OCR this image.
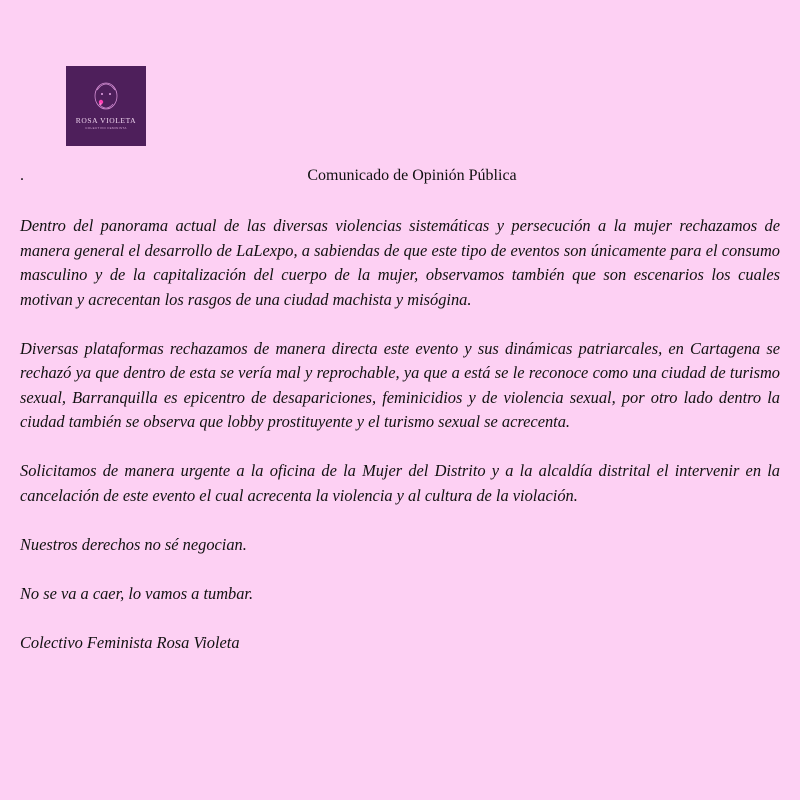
ROSA VIOLETA
COLECTIVO FEMINISTA
.	Comunicado de Opinión Pública

Dentro del panorama actual de las diversas violencias sistemáticas y persecución a la mujer rechazamos de manera general el desarrollo de LaLexpo, a sabiendas de que este tipo de eventos son únicamente para el consumo masculino y de la capitalización del cuerpo de la mujer, observamos también que son escenarios los cuales motivan y acrecentan los rasgos de una ciudad machista y misógina.

Diversas plataformas rechazamos de manera directa este evento y sus dinámicas patriarcales, en Cartagena se rechazó ya que dentro de esta se vería mal y reprochable, ya que a está se le reconoce como una ciudad de turismo sexual, Barranquilla es epicentro de desapariciones, feminicidios y de violencia sexual, por otro lado dentro la ciudad también se observa que lobby prostituyente y el turismo sexual se acrecenta.

Solicitamos de manera urgente a la oficina de la Mujer del Distrito y a la alcaldía distrital el intervenir en la cancelación de este evento el cual acrecenta la violencia y al cultura de la violación.

Nuestros derechos no sé negocian.

No se va a caer, lo vamos a tumbar.

Colectivo Feminista Rosa Violeta
